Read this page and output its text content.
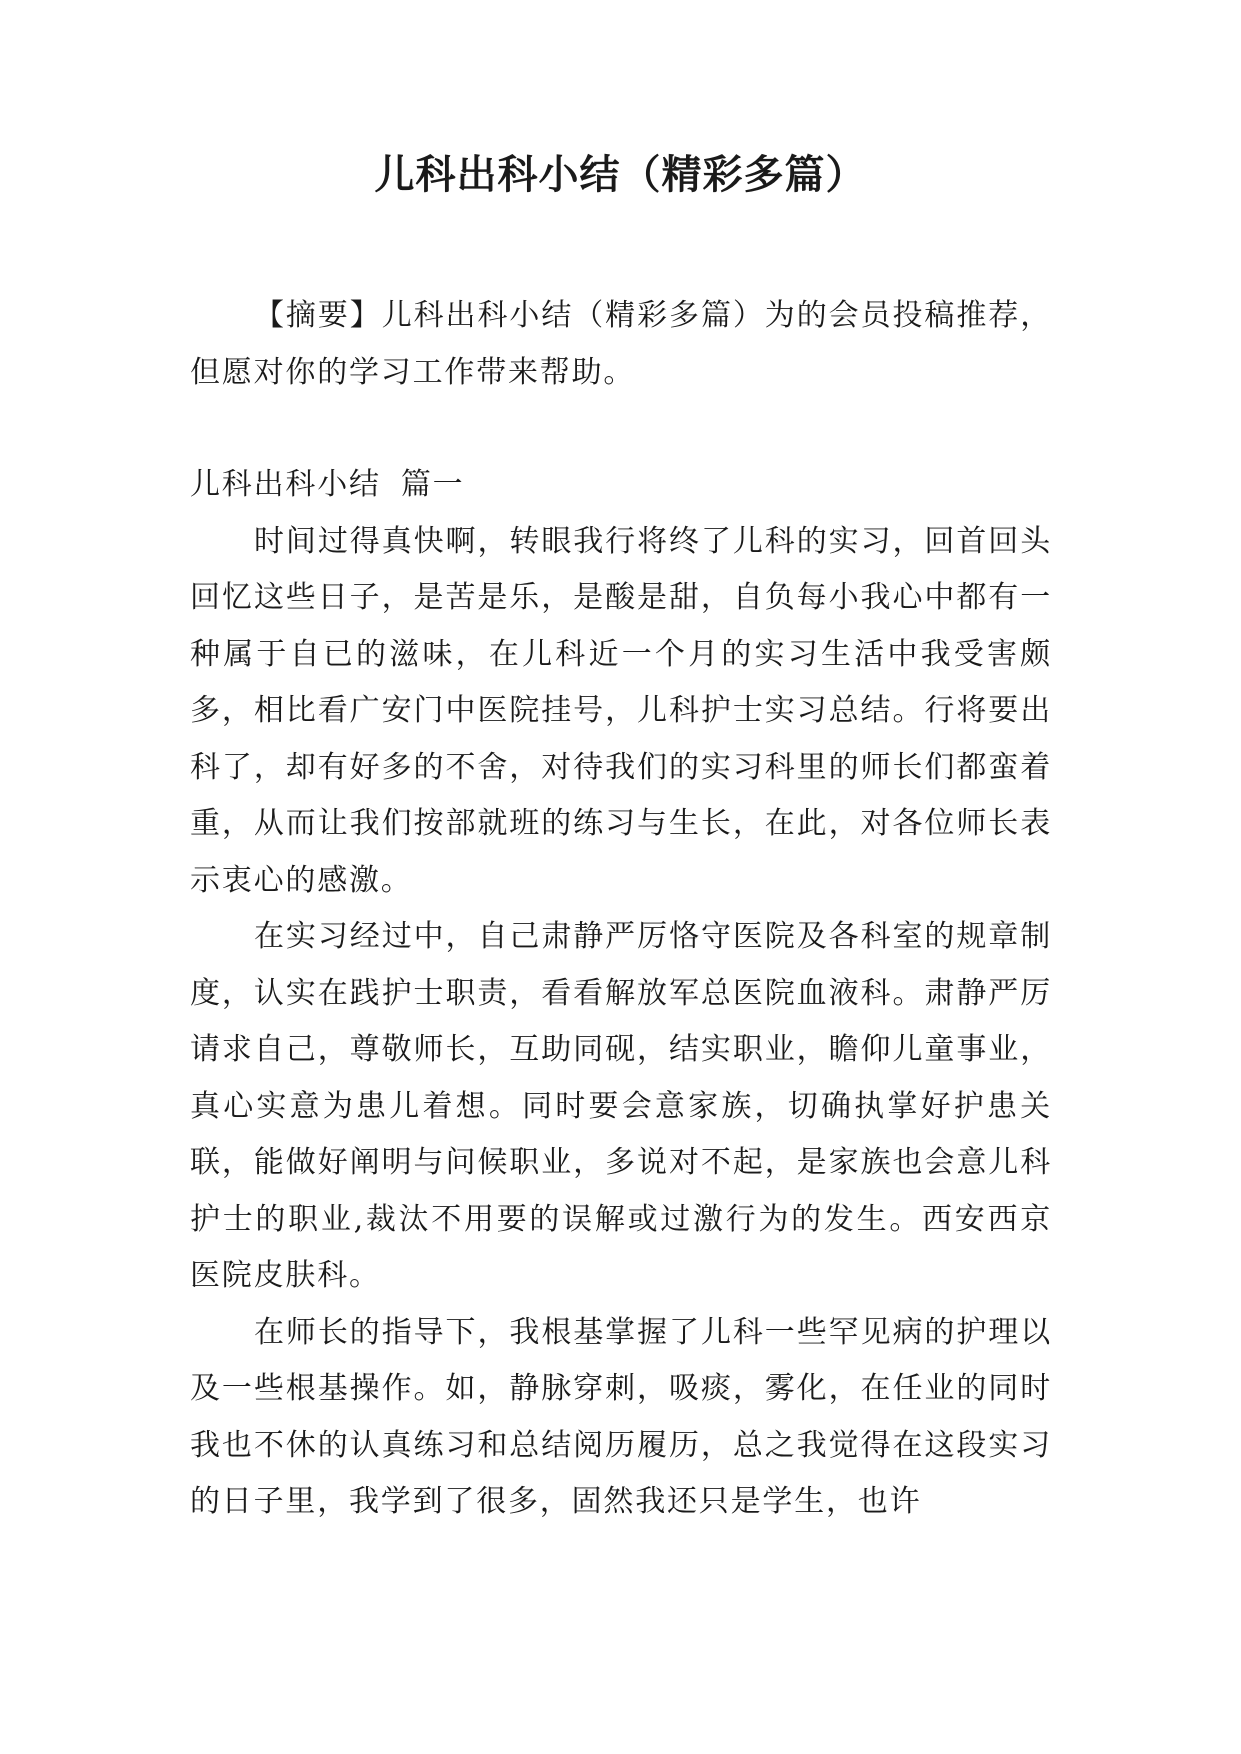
儿科出科小结（精彩多篇）

【摘要】儿科出科小结（精彩多篇）为的会员投稿推荐，但愿对你的学习工作带来帮助。

儿科出科小结 篇一

时间过得真快啊，转眼我行将终了儿科的实习，回首回头回忆这些日子，是苦是乐，是酸是甜，自负每小我心中都有一种属于自已的滋味，在儿科近一个月的实习生活中我受害颇多，相比看广安门中医院挂号，儿科护士实习总结。行将要出科了，却有好多的不舍，对待我们的实习科里的师长们都蛮着重，从而让我们按部就班的练习与生长，在此，对各位师长表示衷心的感激。

在实习经过中，自己肃静严厉恪守医院及各科室的规章制度，认实在践护士职责，看看解放军总医院血液科。肃静严厉请求自己，尊敬师长，互助同砚，结实职业，瞻仰儿童事业，真心实意为患儿着想。同时要会意家族，切确执掌好护患关联，能做好阐明与问候职业，多说对不起，是家族也会意儿科护士的职业,裁汰不用要的误解或过激行为的发生。西安西京医院皮肤科。

在师长的指导下，我根基掌握了儿科一些罕见病的护理以及一些根基操作。如，静脉穿刺，吸痰，雾化，在任业的同时我也不休的认真练习和总结阅历履历，总之我觉得在这段实习的日子里，我学到了很多，固然我还只是学生，也许
